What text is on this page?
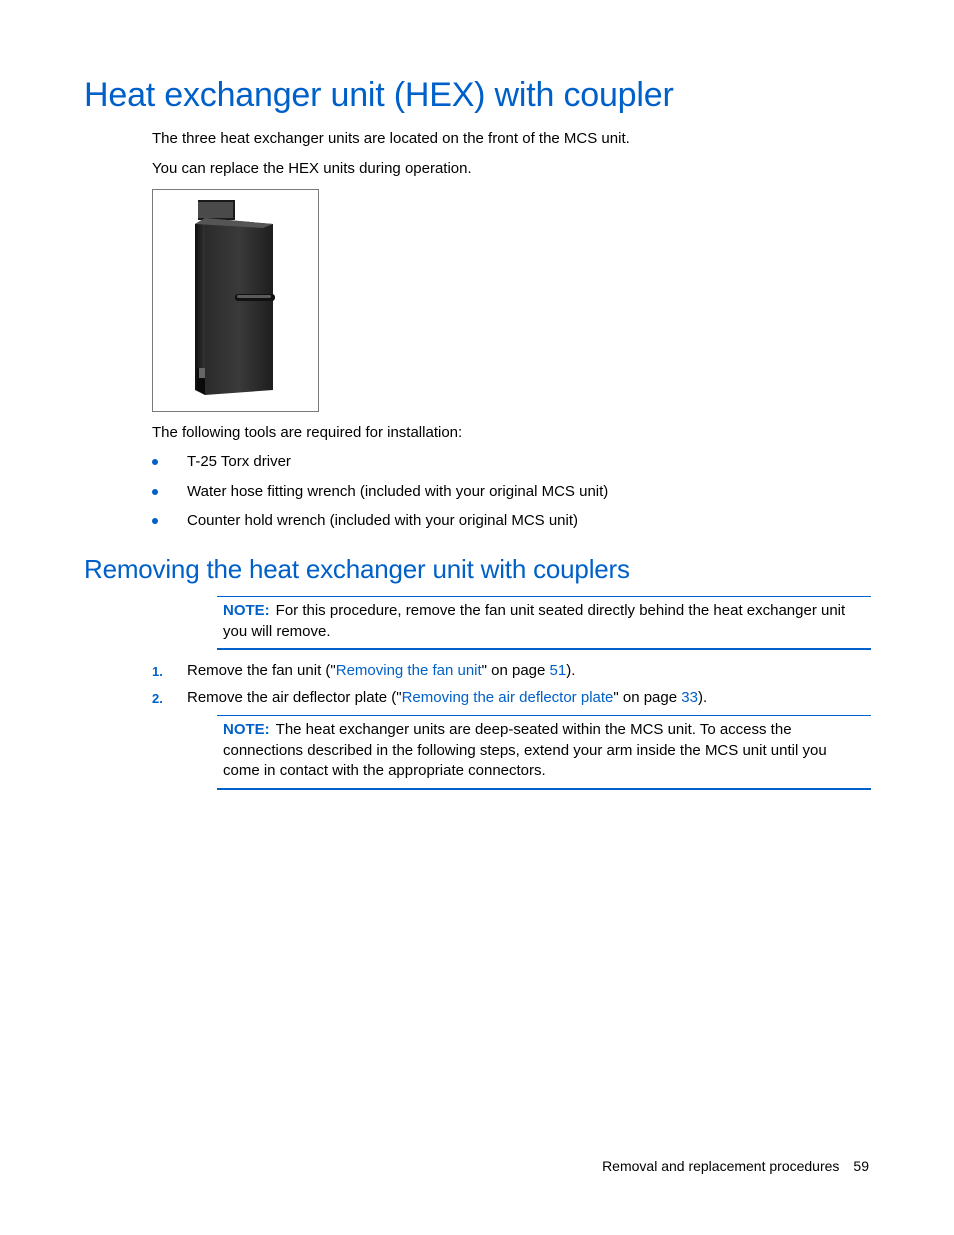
Heat exchanger unit (HEX) with coupler

The three heat exchanger units are located on the front of the MCS unit.

You can replace the HEX units during operation.

The following tools are required for installation:

T-25 Torx driver
Water hose fitting wrench (included with your original MCS unit)
Counter hold wrench (included with your original MCS unit)
Removing the heat exchanger unit with couplers
NOTE: For this procedure, remove the fan unit seated directly behind the heat exchanger unit
you will remove.
1. Remove the fan unit ("Removing the fan unit" on page 51).
2. Remove the air deflector plate ("Removing the air deflector plate" on page 33).
NOTE: The heat exchanger units are deep-seated within the MCS unit. To access the
connections described in the following steps, extend your arm inside the MCS unit until you
come in contact with the appropriate connectors.
Removal and replacement procedures 59
